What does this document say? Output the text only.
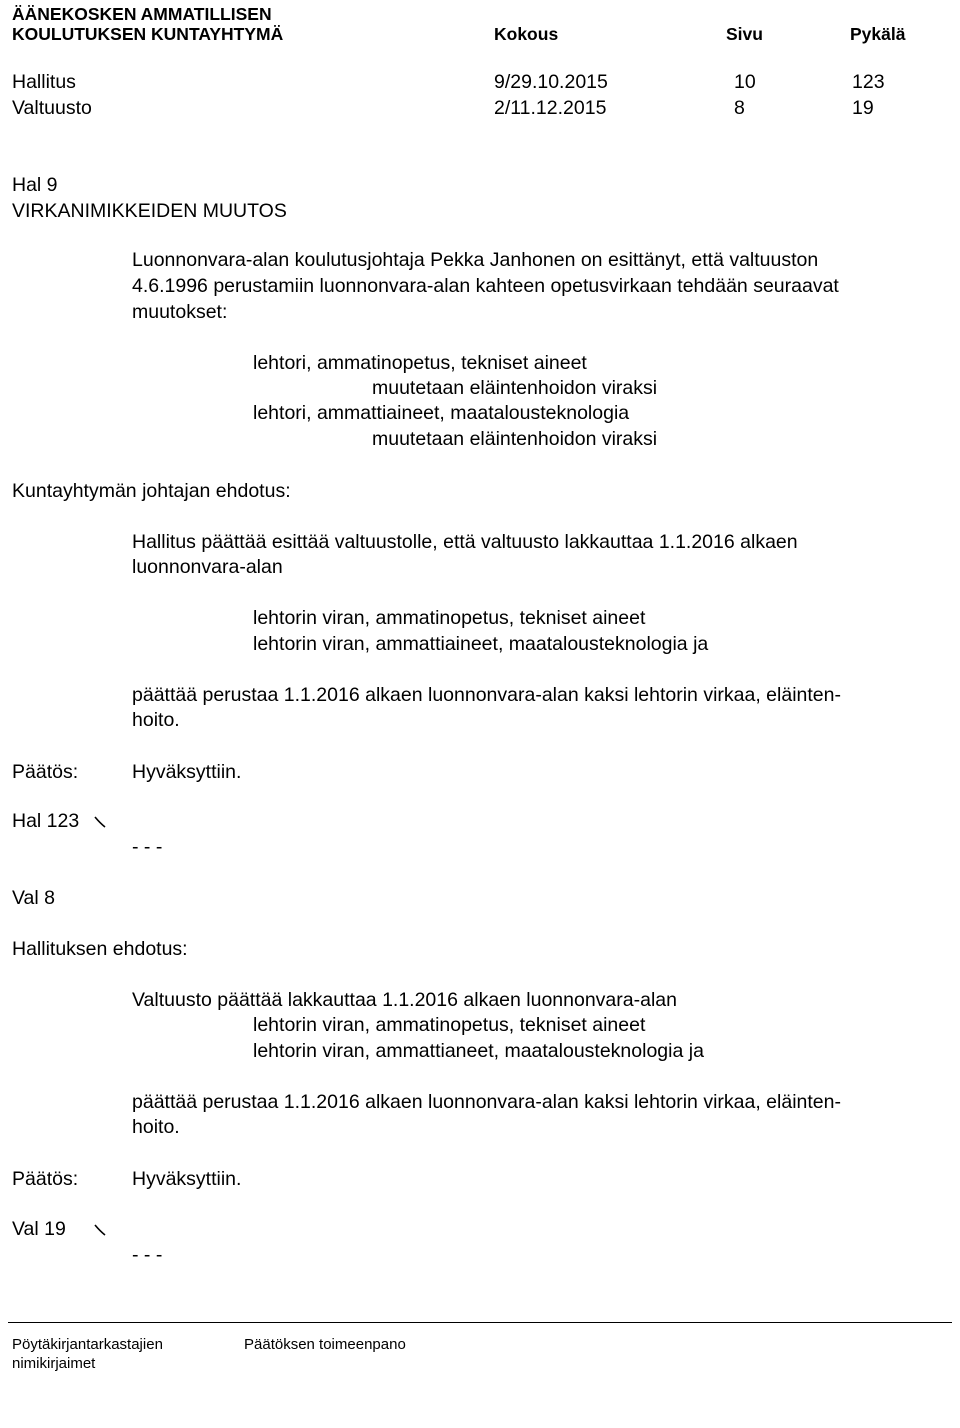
ÄÄNEKOSKEN AMMATILLISEN
KOULUTUKSEN KUNTAYHTYMÄ	Kokous	Sivu	Pykälä
Hallitus	9/29.10.2015	10	123
Valtuusto	2/11.12.2015	8	19
Hal 9
VIRKANIMIKKEIDEN MUUTOS
Luonnonvara-alan koulutusjohtaja Pekka Janhonen on esittänyt, että valtuuston
4.6.1996 perustamiin luonnonvara-alan kahteen opetusvirkaan tehdään seuraavat
muutokset:
lehtori, ammatinopetus, tekniset aineet
muutetaan eläintenhoidon viraksi
lehtori, ammattiaineet, maatalousteknologia
muutetaan eläintenhoidon viraksi
Kuntayhtymän johtajan ehdotus:
Hallitus päättää esittää valtuustolle, että valtuusto lakkauttaa 1.1.2016 alkaen
luonnonvara-alan
lehtorin viran, ammatinopetus, tekniset aineet
lehtorin viran, ammattiaineet, maatalousteknologia ja
päättää perustaa 1.1.2016 alkaen luonnonvara-alan kaksi lehtorin virkaa, eläinten-
hoito.
Päätös:	Hyväksyttiin.
Hal 123
- - -
Val 8
Hallituksen ehdotus:
Valtuusto päättää lakkauttaa 1.1.2016 alkaen luonnonvara-alan
lehtorin viran, ammatinopetus, tekniset aineet
lehtorin viran, ammattianeet, maatalousteknologia ja
päättää perustaa 1.1.2016 alkaen luonnonvara-alan kaksi lehtorin virkaa, eläinten-
hoito.
Päätös:	Hyväksyttiin.
Val 19
- - -
Pöytäkirjantarkastajien
nimikirjaimet
Päätöksen toimeenpano
